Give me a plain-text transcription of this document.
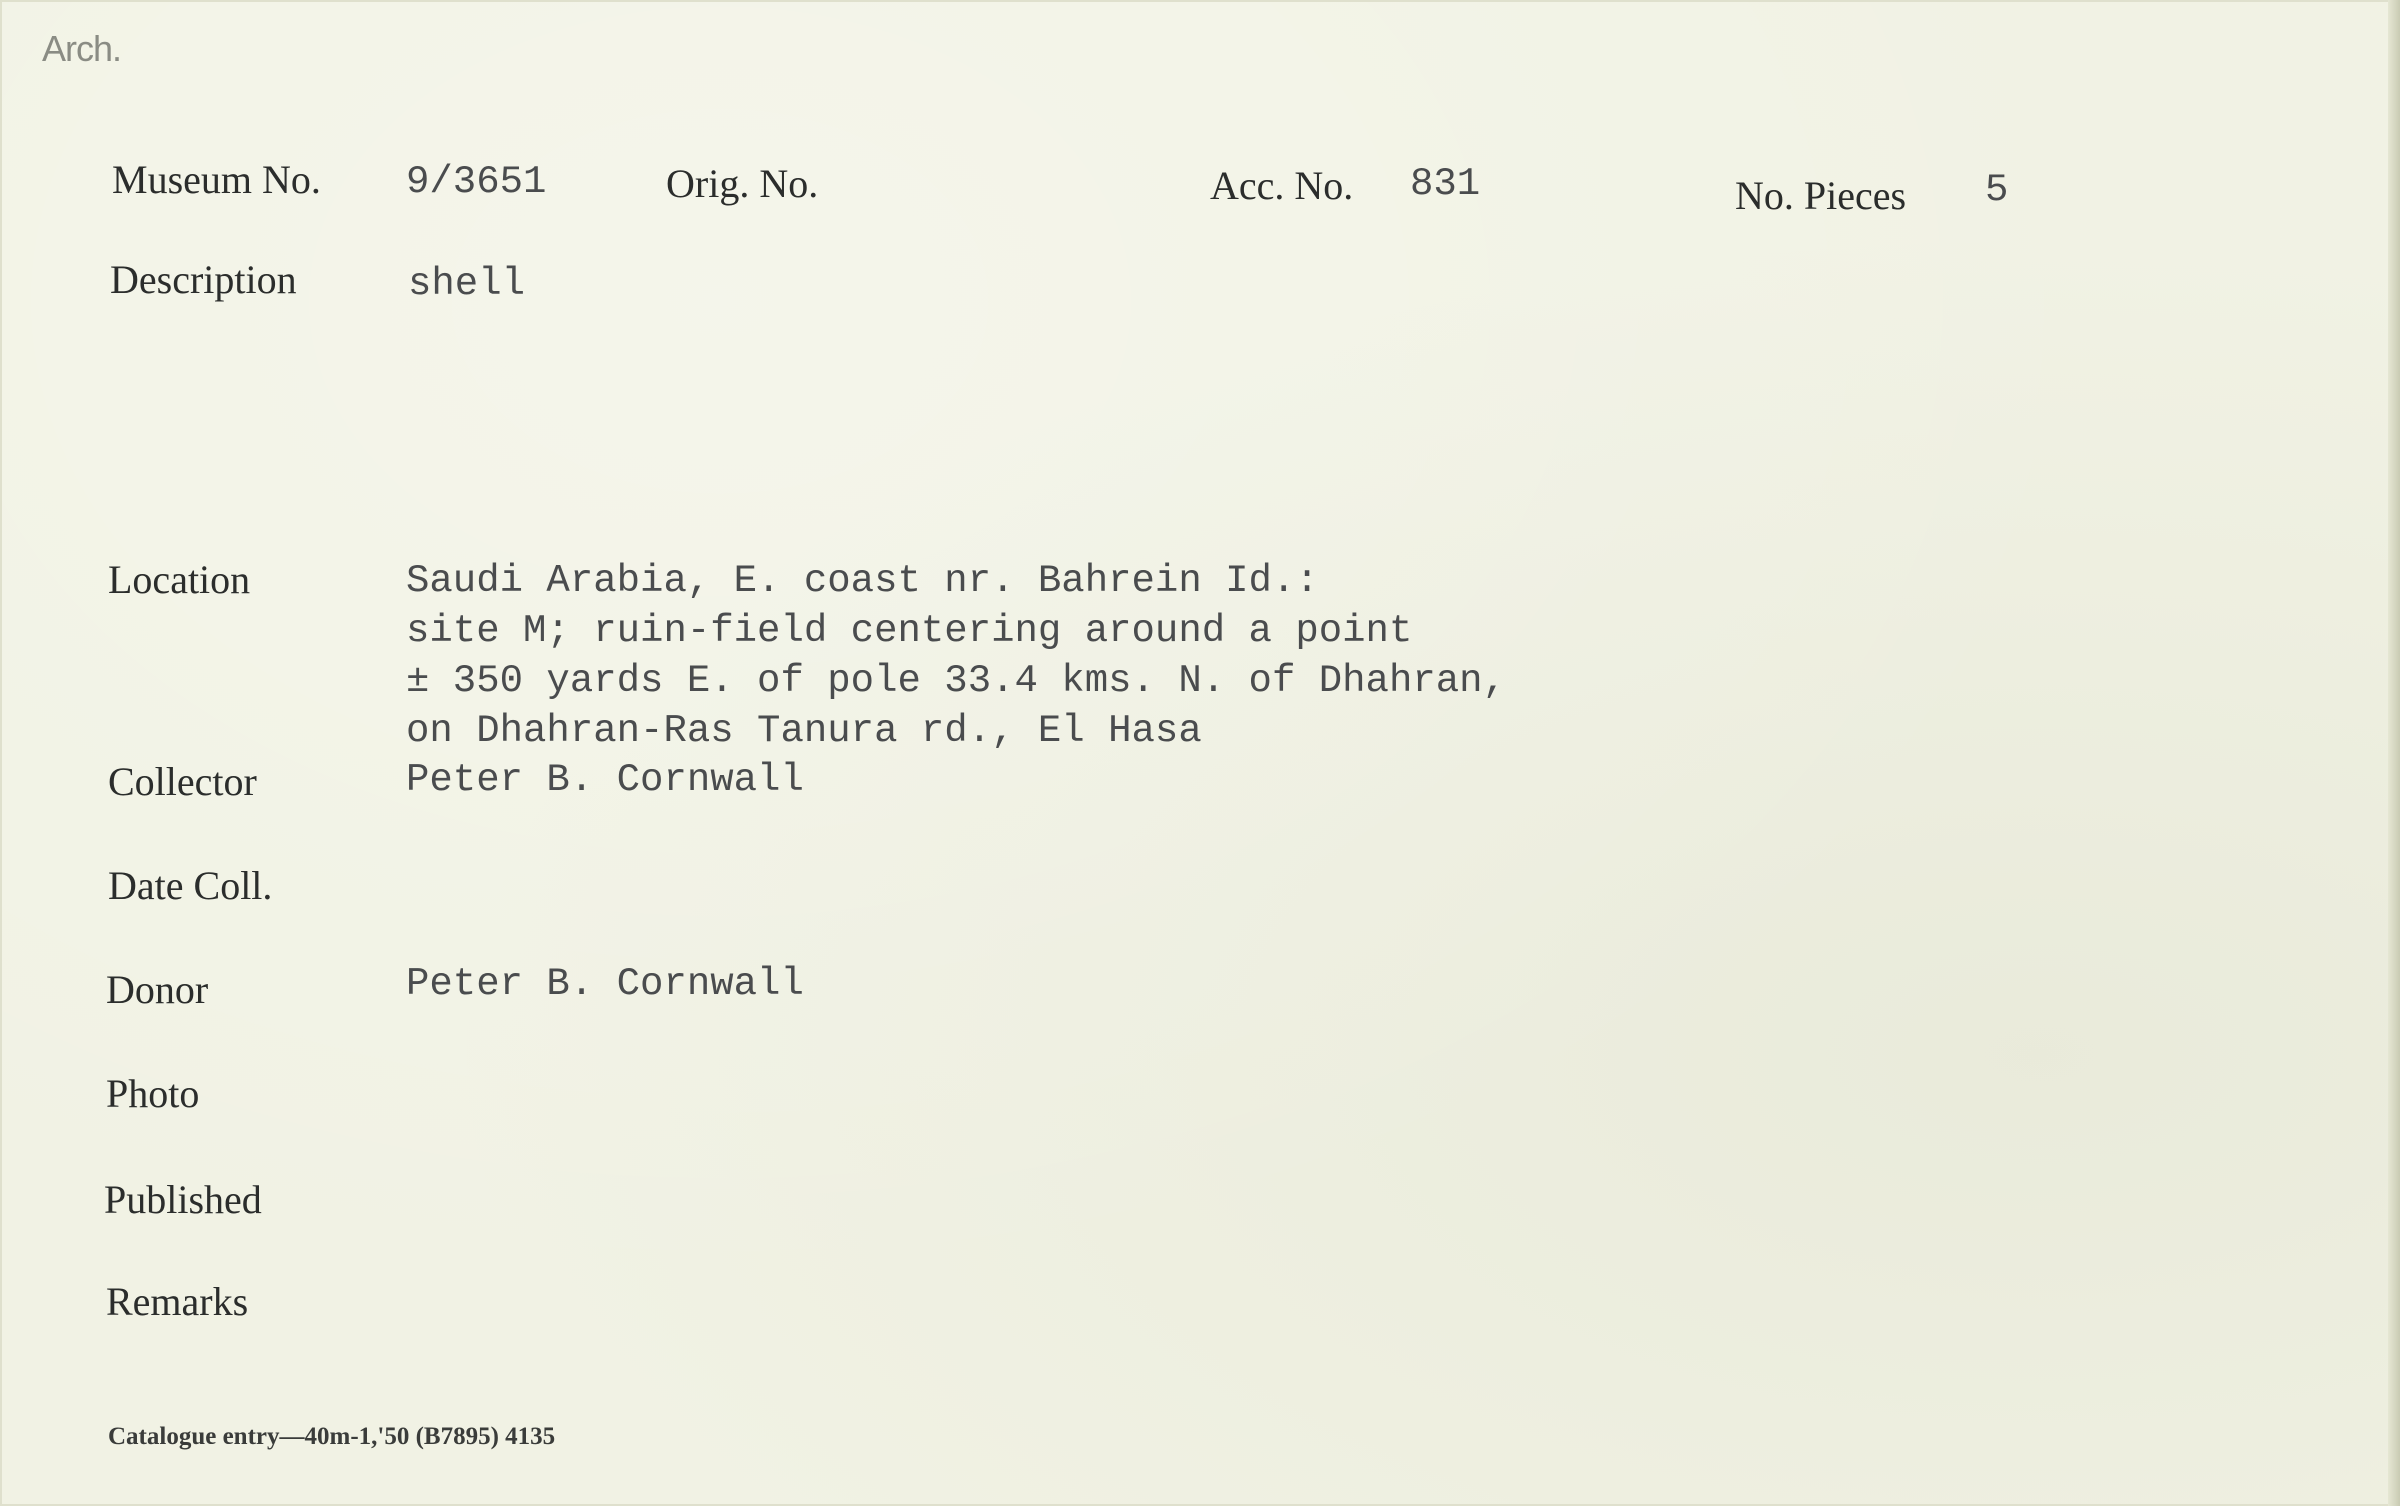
Arch.
Museum No. 9/3651	Orig. No.	Acc. No. 831	No. Pieces 5
Description	shell
Location	Saudi Arabia, E. coast nr. Bahrein Id.:
site M; ruin-field centering around a point
± 350 yards E. of pole 33.4 kms. N. of Dhahran,
on Dhahran-Ras Tanura rd., El Hasa
Collector	Peter B. Cornwall
Date Coll.
Donor	Peter B. Cornwall
Photo
Published
Remarks
Catalogue entry—40m-1,'50 (B7895) 4135
